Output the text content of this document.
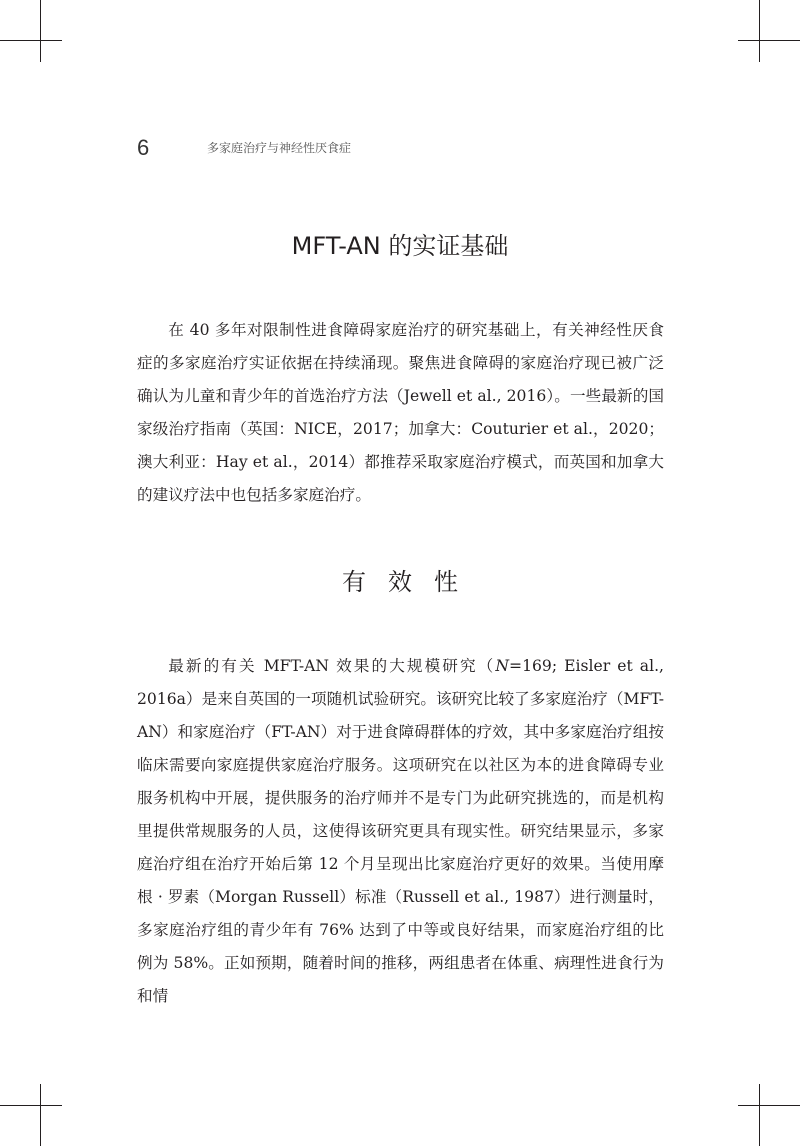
6	多家庭治疗与神经性厌食症
MFT-AN 的实证基础

在 40 多年对限制性进食障碍家庭治疗的研究基础上，有关神经性厌食症的多家庭治疗实证依据在持续涌现。聚焦进食障碍的家庭治疗现已被广泛确认为儿童和青少年的首选治疗方法（Jewell et al., 2016）。一些最新的国家级治疗指南（英国：NICE，2017；加拿大：Couturier et al.，2020；澳大利亚：Hay et al.，2014）都推荐采取家庭治疗模式，而英国和加拿大的建议疗法中也包括多家庭治疗。

有效性

最新的有关 MFT-AN 效果的大规模研究（N=169; Eisler et al., 2016a）是来自英国的一项随机试验研究。该研究比较了多家庭治疗（MFT-AN）和家庭治疗（FT-AN）对于进食障碍群体的疗效，其中多家庭治疗组按临床需要向家庭提供家庭治疗服务。这项研究在以社区为本的进食障碍专业服务机构中开展，提供服务的治疗师并不是专门为此研究挑选的，而是机构里提供常规服务的人员，这使得该研究更具有现实性。研究结果显示，多家庭治疗组在治疗开始后第 12 个月呈现出比家庭治疗更好的效果。当使用摩根 · 罗素（Morgan Russell）标准（Russell et al., 1987）进行测量时，多家庭治疗组的青少年有 76% 达到了中等或良好结果，而家庭治疗组的比例为 58%。正如预期，随着时间的推移，两组患者在体重、病理性进食行为和情
